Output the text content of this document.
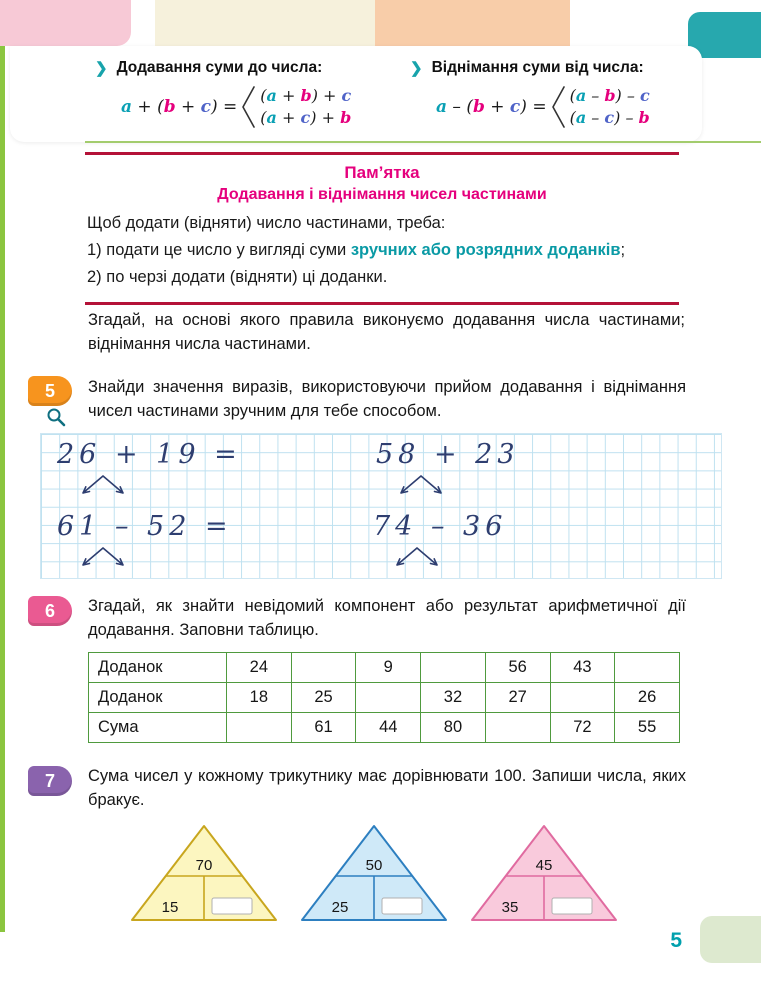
❯ Додавання суми до числа:
a + (b + c) =
(a + b) + c
(a + c) + b
❯ Віднімання суми від числа:
a – (b + c) =
(a – b) – c
(a – c) – b
Пам’ятка
Додавання і віднімання чисел частинами

Щоб додати (відняти) число частинами, треба:

1) подати це число у вигляді суми зручних або розрядних доданків;

2) по черзі додати (відняти) ці доданки.

Згадай, на основі якого правила виконуємо додавання числа частинами; віднімання числа частинами.

5 Знайди значення виразів, використовуючи прийом додавання і віднімання чисел частинами зручним для тебе способом.

26 + 19 =	58 + 23
61 – 52 =	74 – 36
6 Згадай, як знайти невідомий компонент або результат арифметичної дії додавання. Заповни таблицю.

Доданок	24		9		56	43	
Доданок	18	25		32	27		26
Сума		61	44	80		72	55
7 Сума чисел у кожному трикутнику має дорівнювати 100. Запиши числа, яких бракує.

70
15
50
25
45
35
5
